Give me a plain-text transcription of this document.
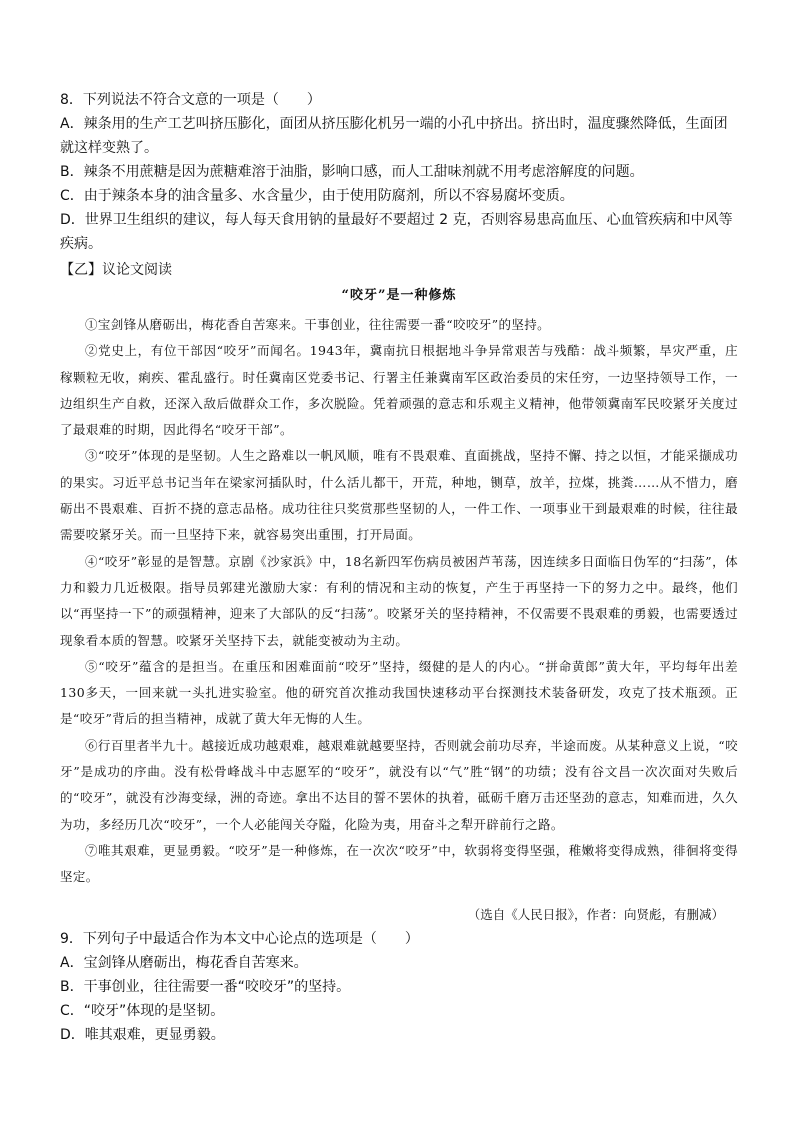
8．下列说法不符合文意的一项是（　　）
A．辣条用的生产工艺叫挤压膨化，面团从挤压膨化机另一端的小孔中挤出。挤出时，温度骤然降低，生面团
就这样变熟了。
B．辣条不用蔗糖是因为蔗糖难溶于油脂，影响口感，而人工甜味剂就不用考虑溶解度的问题。
C．由于辣条本身的油含量多、水含量少，由于使用防腐剂，所以不容易腐坏变质。
D．世界卫生组织的建议，每人每天食用钠的量最好不要超过 2 克，否则容易患高血压、心血管疾病和中风等
疾病。
【乙】议论文阅读
“咬牙”是一种修炼

①宝剑锋从磨砺出，梅花香自苦寒来。干事创业，往往需要一番“咬咬牙”的坚持。

②党史上，有位干部因“咬牙”而闻名。1943年，冀南抗日根据地斗争异常艰苦与残酷：战斗频繁，旱灾严重，庄稼颗粒无收，痢疾、霍乱盛行。时任冀南区党委书记、行署主任兼冀南军区政治委员的宋任穷，一边坚持领导工作，一边组织生产自救，还深入敌后做群众工作，多次脱险。凭着顽强的意志和乐观主义精神，他带领冀南军民咬紧牙关度过了最艰难的时期，因此得名“咬牙干部”。

③“咬牙”体现的是坚韧。人生之路难以一帆风顺，唯有不畏艰难、直面挑战，坚持不懈、持之以恒，才能采撷成功的果实。习近平总书记当年在梁家河插队时，什么活儿都干，开荒，种地，铡草，放羊，拉煤，挑粪……从不惜力，磨砺出不畏艰难、百折不挠的意志品格。成功往往只奖赏那些坚韧的人，一件工作、一项事业干到最艰难的时候，往往最需要咬紧牙关。而一旦坚持下来，就容易突出重围，打开局面。

④“咬牙”彰显的是智慧。京剧《沙家浜》中，18名新四军伤病员被困芦苇荡，因连续多日面临日伪军的“扫荡”，体力和毅力几近极限。指导员郭建光激励大家：有利的情况和主动的恢复，产生于再坚持一下的努力之中。最终，他们以“再坚持一下”的顽强精神，迎来了大部队的反“扫荡”。咬紧牙关的坚持精神，不仅需要不畏艰难的勇毅，也需要透过现象看本质的智慧。咬紧牙关坚持下去，就能变被动为主动。

⑤“咬牙”蕴含的是担当。在重压和困难面前“咬牙”坚持，缀健的是人的内心。“拼命黄郎”黄大年，平均每年出差130多天，一回来就一头扎进实验室。他的研究首次推动我国快速移动平台探测技术装备研发，攻克了技术瓶颈。正是“咬牙”背后的担当精神，成就了黄大年无悔的人生。

⑥行百里者半九十。越接近成功越艰难，越艰难就越要坚持，否则就会前功尽弃，半途而废。从某种意义上说，“咬牙”是成功的序曲。没有松骨峰战斗中志愿军的“咬牙”，就没有以“气”胜“钢”的功绩；没有谷文昌一次次面对失败后的“咬牙”，就没有沙海变绿，洲的奇迹。拿出不达目的誓不罢休的执着，砥砺千磨万击还坚劲的意志，知难而进，久久为功，多经历几次“咬牙”，一个人必能闯关夺隘，化险为夷，用奋斗之犁开辟前行之路。

⑦唯其艰难，更显勇毅。“咬牙”是一种修炼，在一次次“咬牙”中，软弱将变得坚强，稚嫩将变得成熟，徘徊将变得坚定。

（选自《人民日报》，作者：向贤彪，有删减）
9．下列句子中最适合作为本文中心论点的选项是（　　）
A．宝剑锋从磨砺出，梅花香自苦寒来。
B．干事创业，往往需要一番“咬咬牙”的坚持。
C．“咬牙”体现的是坚韧。
D．唯其艰难，更显勇毅。
